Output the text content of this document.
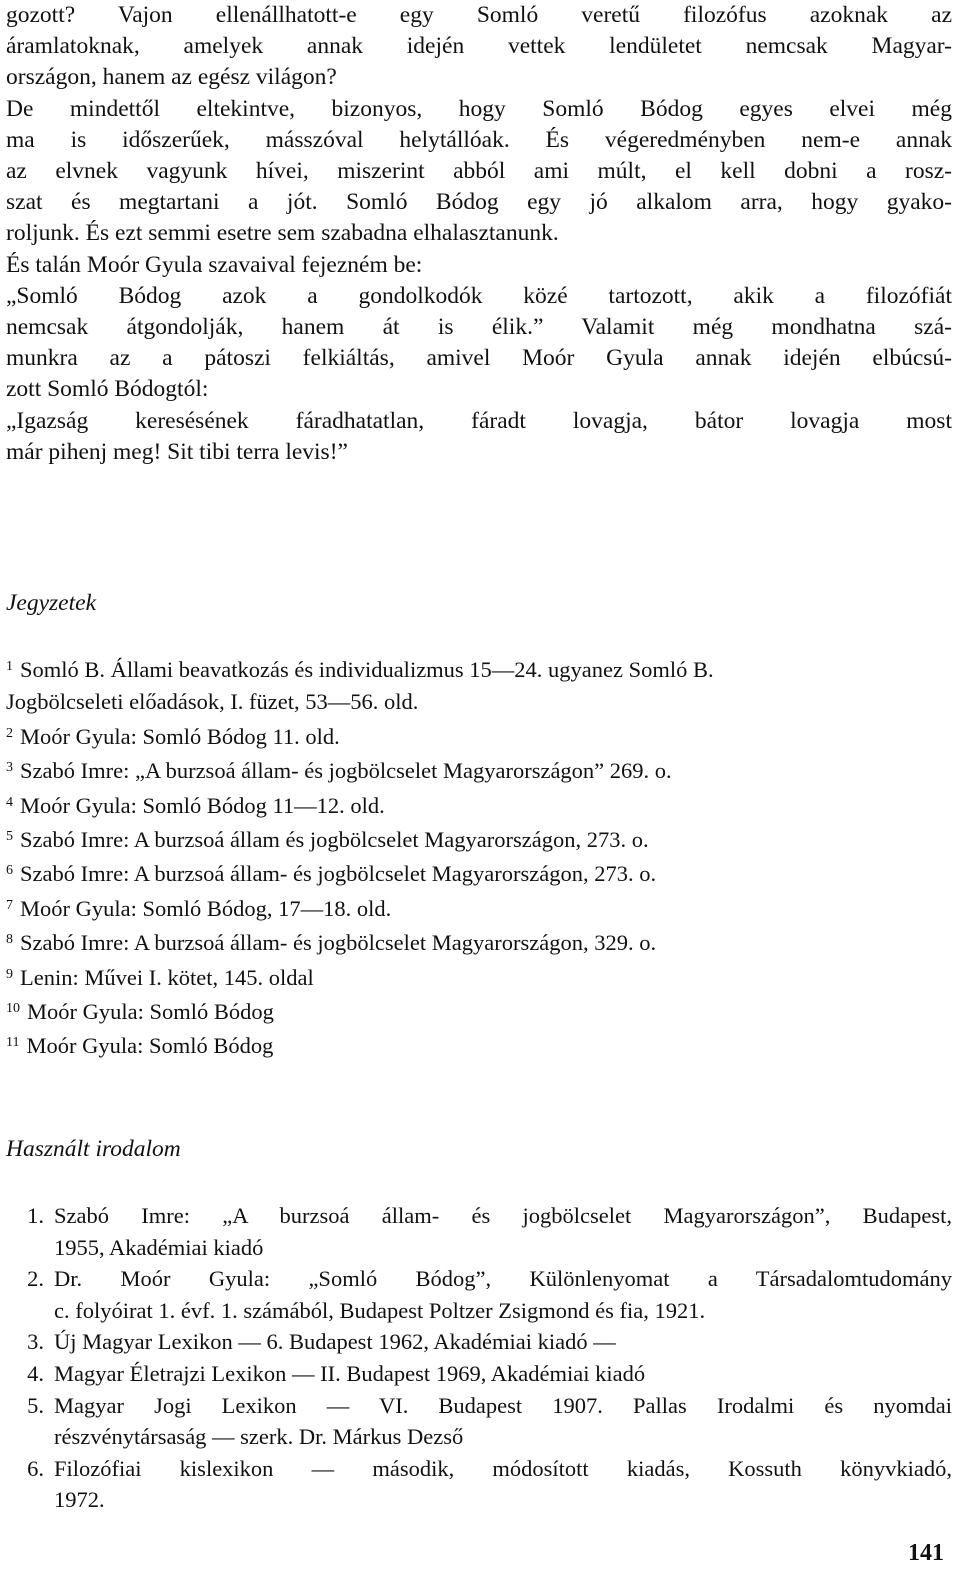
gozott? Vajon ellenállhatott-e egy Somló veretű filozófus azoknak az
áramlatoknak, amelyek annak idején vettek lendületet nemcsak Magyar-
országon, hanem az egész világon?
De mindettől eltekintve, bizonyos, hogy Somló Bódog egyes elvei még
ma is időszerűek, másszóval helytállóak. És végeredményben nem-e annak
az elvnek vagyunk hívei, miszerint abból ami múlt, el kell dobni a rosz-
szat és megtartani a jót. Somló Bódog egy jó alkalom arra, hogy gyako-
roljunk. És ezt semmi esetre sem szabadna elhalasztanunk.
És talán Moór Gyula szavaival fejezném be:
„Somló Bódog azok a gondolkodók közé tartozott, akik a filozófiát
nemcsak átgondolják, hanem át is élik.” Valamit még mondhatna szá-
munkra az a pátoszi felkiáltás, amivel Moór Gyula annak idején elbúcsú-
zott Somló Bódogtól:
„Igazság keresésének fáradhatatlan, fáradt lovagja, bátor lovagja most
már pihenj meg! Sit tibi terra levis!”
Jegyzetek
$^1$ Somló B. Állami beavatkozás és individualizmus 15—24. ugyanez Somló B.
Jogbölcseleti előadások, I. füzet, 53—56. old.
$^2$ Moór Gyula: Somló Bódog 11. old.
$^3$ Szabó Imre: „A burzsoá állam- és jogbölcselet Magyarországon” 269. o.
$^4$ Moór Gyula: Somló Bódog 11—12. old.
$^5$ Szabó Imre: A burzsoá állam és jogbölcselet Magyarországon, 273. o.
$^6$ Szabó Imre: A burzsoá állam- és jogbölcselet Magyarországon, 273. o.
$^7$ Moór Gyula: Somló Bódog, 17—18. old.
$^8$ Szabó Imre: A burzsoá állam- és jogbölcselet Magyarországon, 329. o.
$^9$ Lenin: Művei I. kötet, 145. oldal
$^{10}$ Moór Gyula: Somló Bódog
$^{11}$ Moór Gyula: Somló Bódog
Használt irodalom
1. Szabó Imre: „A burzsoá állam- és jogbölcselet Magyarországon”, Budapest,
1955, Akadémiai kiadó
2. Dr. Moór Gyula: „Somló Bódog”, Különlenyomat a Társadalomtudomány
c. folyóirat 1. évf. 1. számából, Budapest Poltzer Zsigmond és fia, 1921.
3. Új Magyar Lexikon — 6. Budapest 1962, Akadémiai kiadó —
4. Magyar Életrajzi Lexikon — II. Budapest 1969, Akadémiai kiadó
5. Magyar Jogi Lexikon — VI. Budapest 1907. Pallas Irodalmi és nyomdai
részvénytársaság — szerk. Dr. Márkus Dezső
6. Filozófiai kislexikon — második, módosított kiadás, Kossuth könyvkiadó,
1972.
141
